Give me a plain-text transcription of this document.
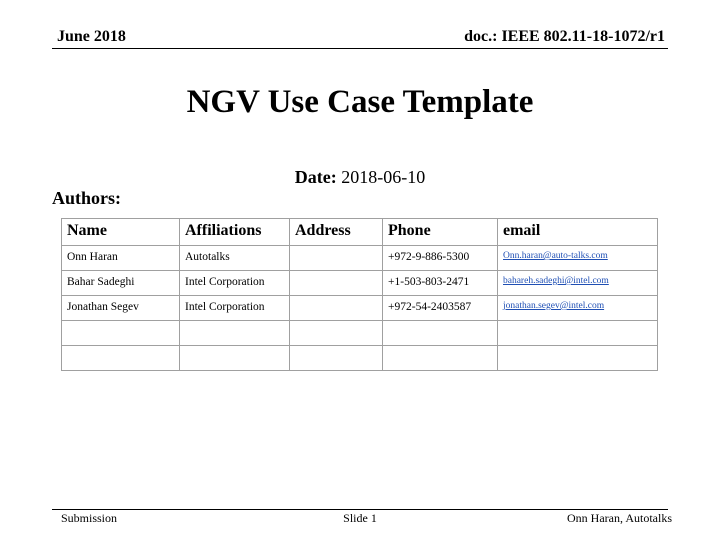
June 2018	doc.: IEEE 802.11-18-1072/r1
NGV Use Case Template
Date: 2018-06-10
Authors:
Name	Affiliations	Address	Phone	email
Onn Haran	Autotalks		+972-9-886-5300	Onn.haran@auto-talks.com
Bahar Sadeghi	Intel Corporation		+1-503-803-2471	bahareh.sadeghi@intel.com
Jonathan Segev	Intel Corporation		+972-54-2403587	jonathan.segev@intel.com

Submission	Slide 1	Onn Haran, Autotalks
